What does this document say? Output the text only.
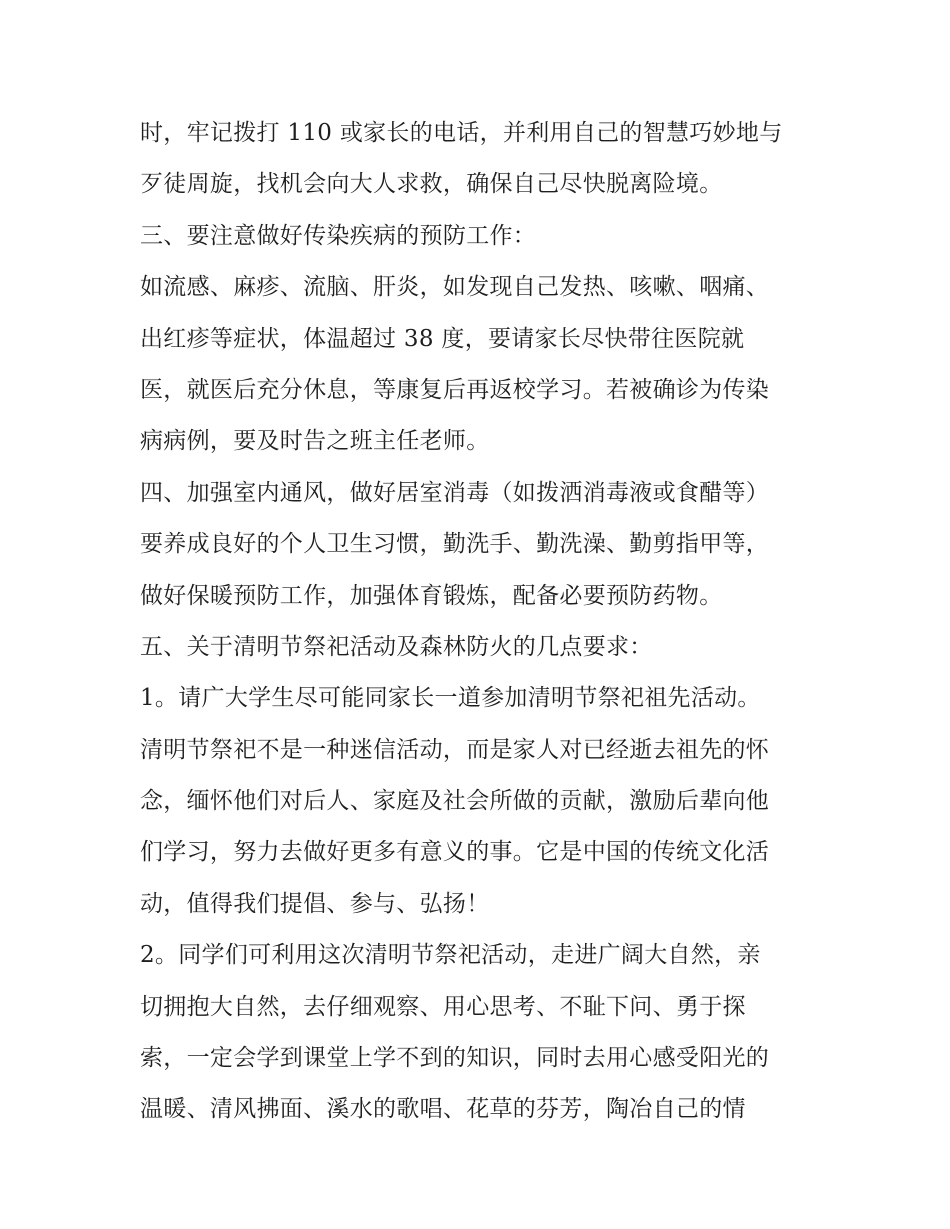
时，牢记拨打 110 或家长的电话，并利用自己的智慧巧妙地与
歹徒周旋，找机会向大人求救，确保自己尽快脱离险境。
三、要注意做好传染疾病的预防工作：
如流感、麻疹、流脑、肝炎，如发现自己发热、咳嗽、咽痛、
出红疹等症状，体温超过 38 度，要请家长尽快带往医院就
医，就医后充分休息，等康复后再返校学习。若被确诊为传染
病病例，要及时告之班主任老师。
四、加强室内通风，做好居室消毒（如拨洒消毒液或食醋等）
要养成良好的个人卫生习惯，勤洗手、勤洗澡、勤剪指甲等，
做好保暖预防工作，加强体育锻炼，配备必要预防药物。
五、关于清明节祭祀活动及森林防火的几点要求：
1。请广大学生尽可能同家长一道参加清明节祭祀祖先活动。
清明节祭祀不是一种迷信活动，而是家人对已经逝去祖先的怀
念，缅怀他们对后人、家庭及社会所做的贡献，激励后辈向他
们学习，努力去做好更多有意义的事。它是中国的传统文化活
动，值得我们提倡、参与、弘扬！
2。同学们可利用这次清明节祭祀活动，走进广阔大自然，亲
切拥抱大自然，去仔细观察、用心思考、不耻下问、勇于探
索，一定会学到课堂上学不到的知识，同时去用心感受阳光的
温暖、清风拂面、溪水的歌唱、花草的芬芳，陶冶自己的情
